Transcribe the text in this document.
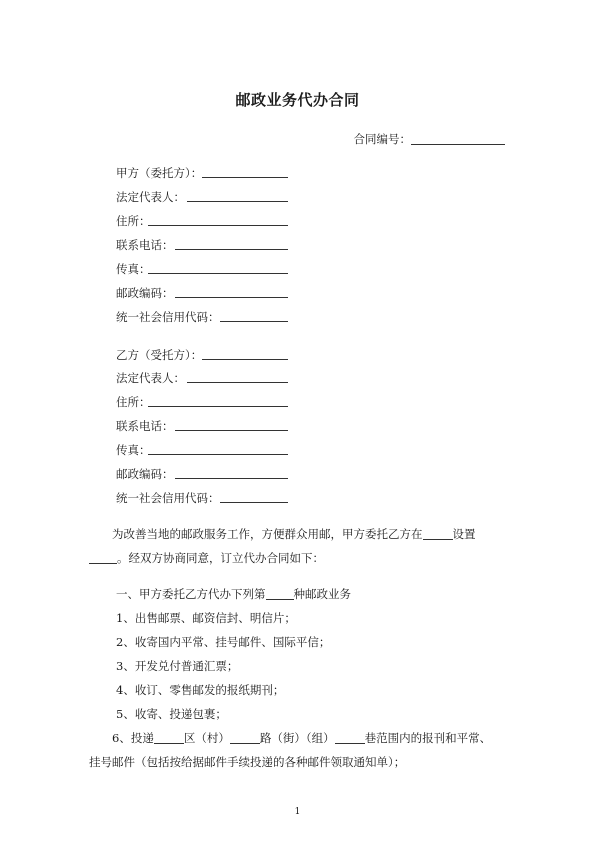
邮政业务代办合同
合同编号：
甲方（委托方）：
法定代表人：
住所：
联系电话：
传真：
邮政编码：
统一社会信用代码：
乙方（受托方）：
法定代表人：
住所：
联系电话：
传真：
邮政编码：
统一社会信用代码：
为改善当地的邮政服务工作，方便群众用邮，甲方委托乙方在	设置
。经双方协商同意，订立代办合同如下：
一、甲方委托乙方代办下列第 种邮政业务
1、出售邮票、邮资信封、明信片；
2、收寄国内平常、挂号邮件、国际平信；
3、开发兑付普通汇票；
4、收订、零售邮发的报纸期刊；
5、收寄、投递包裹；
6、投递	区（村）	路（街）（组）	巷范围内的报刊和平常、
挂号邮件（包括按给据邮件手续投递的各种邮件领取通知单）；
1
